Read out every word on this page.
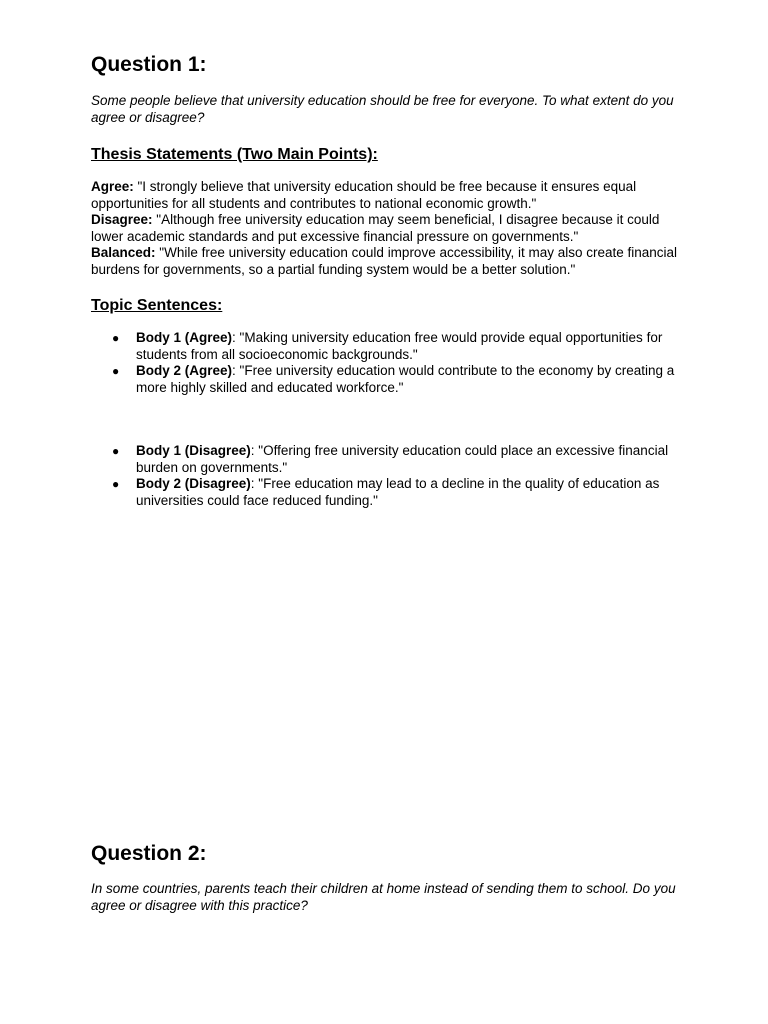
Question 1:

Some people believe that university education should be free for everyone. To what extent do you agree or disagree?

Thesis Statements (Two Main Points):

Agree: "I strongly believe that university education should be free because it ensures equal opportunities for all students and contributes to national economic growth."

Disagree: "Although free university education may seem beneficial, I disagree because it could lower academic standards and put excessive financial pressure on governments."

Balanced: "While free university education could improve accessibility, it may also create financial burdens for governments, so a partial funding system would be a better solution."

Topic Sentences:
● Body 1 (Agree): "Making university education free would provide equal opportunities for students from all socioeconomic backgrounds."
● Body 2 (Agree): "Free university education would contribute to the economy by creating a more highly skilled and educated workforce."
● Body 1 (Disagree): "Offering free university education could place an excessive financial burden on governments."
● Body 2 (Disagree): "Free education may lead to a decline in the quality of education as universities could face reduced funding."
Question 2:

In some countries, parents teach their children at home instead of sending them to school. Do you agree or disagree with this practice?
